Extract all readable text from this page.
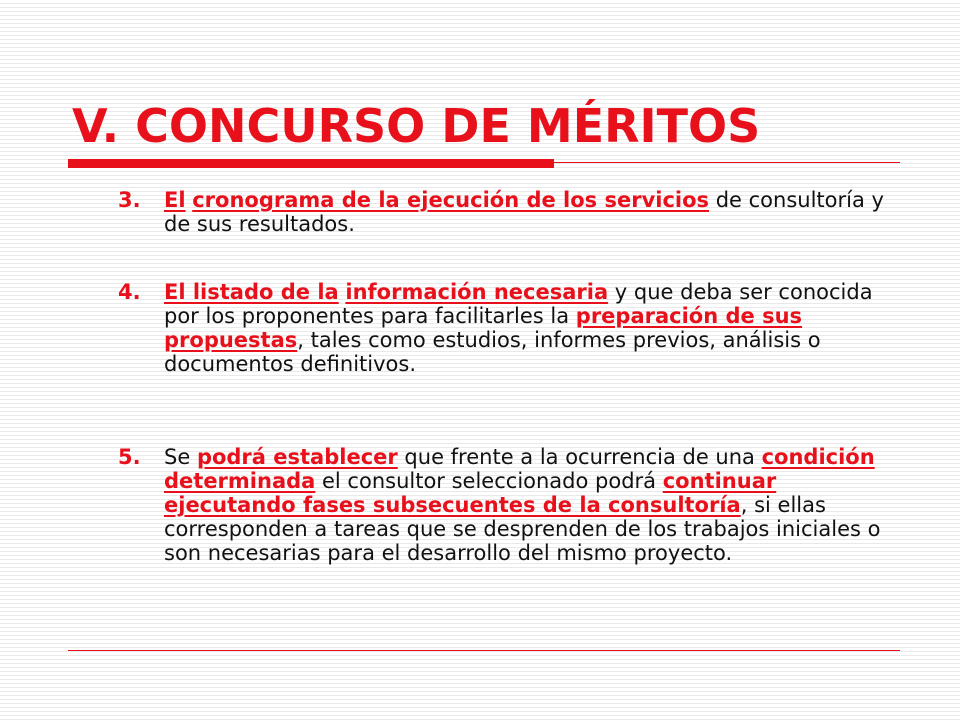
V. CONCURSO DE MÉRITOS
3.	El cronograma de la ejecución de los servicios de consultoría y de sus resultados.

4.	El listado de la información necesaria y que deba ser conocida por los proponentes para facilitarles la preparación de sus propuestas, tales como estudios, informes previos, análisis o documentos definitivos.

5.	Se podrá establecer que frente a la ocurrencia de una condición determinada el consultor seleccionado podrá continuar ejecutando fases subsecuentes de la consultoría, si ellas corresponden a tareas que se desprenden de los trabajos iniciales o son necesarias para el desarrollo del mismo proyecto.
